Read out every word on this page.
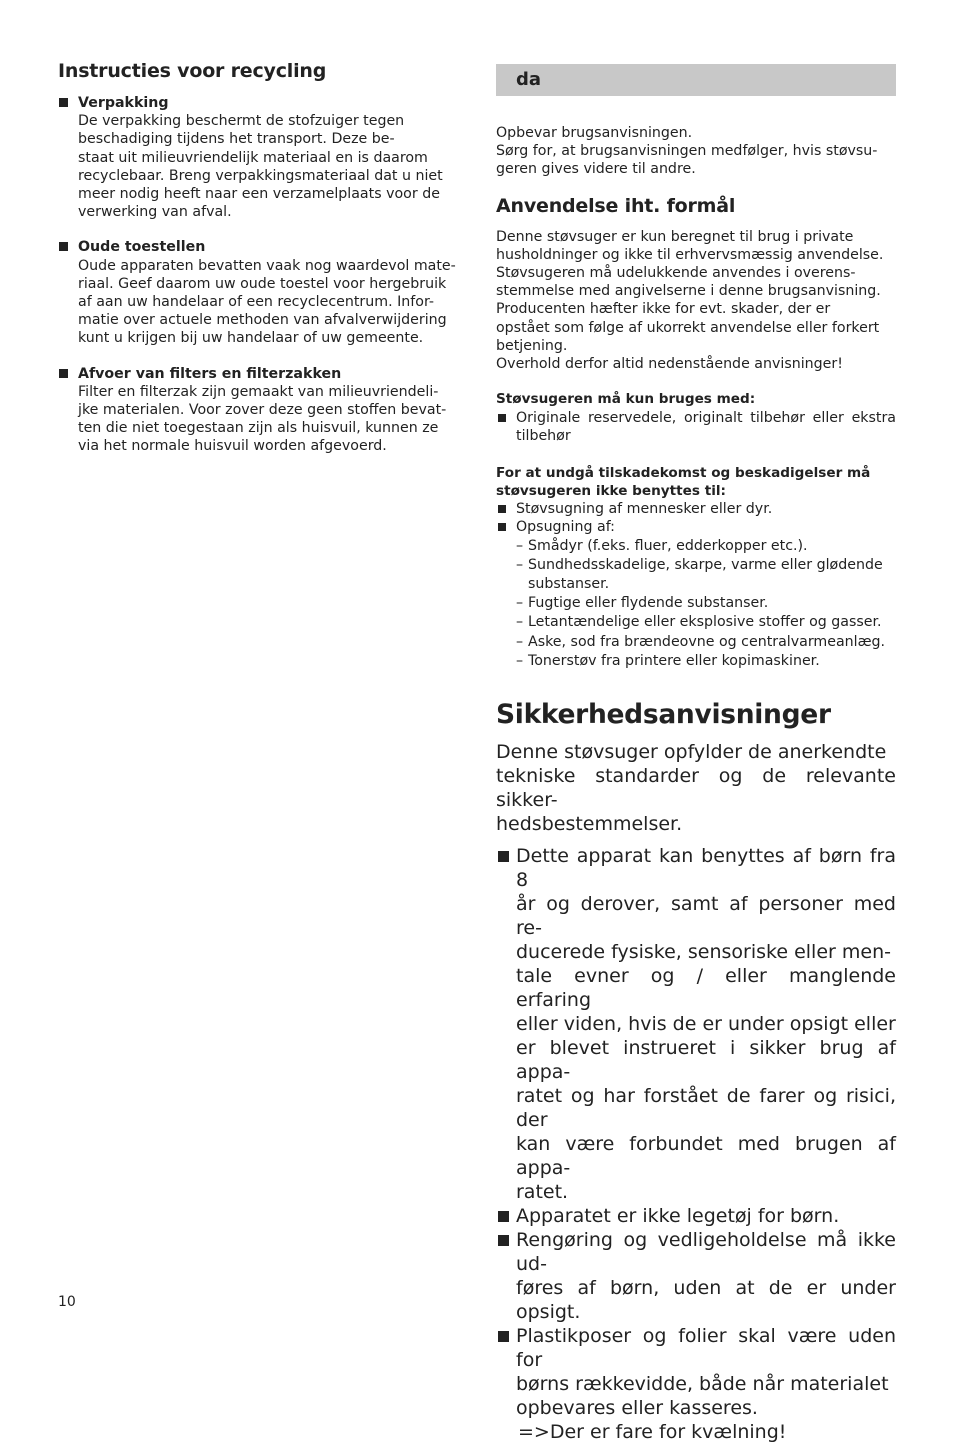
Instructies voor recycling
Verpakking
De verpakking beschermt de stofzuiger tegen
beschadiging tijdens het transport. Deze be-
staat uit milieuvriendelijk materiaal en is daarom
recyclebaar. Breng verpakkingsmateriaal dat u niet
meer nodig heeft naar een verzamelplaats voor de
verwerking van afval.
Oude toestellen
Oude apparaten bevatten vaak nog waardevol mate-
riaal. Geef daarom uw oude toestel voor hergebruik
af aan uw handelaar of een recyclecentrum. Infor-
matie over actuele methoden van afvalverwijdering
kunt u krijgen bij uw handelaar of uw gemeente.
Afvoer van filters en filterzakken
Filter en filterzak zijn gemaakt van milieuvriendeli-
jke materialen. Voor zover deze geen stoffen bevat-
ten die niet toegestaan zijn als huisvuil, kunnen ze
via het normale huisvuil worden afgevoerd.
da
Opbevar brugsanvisningen.
Sørg for, at brugsanvisningen medfølger, hvis støvsu-
geren gives videre til andre.
Anvendelse iht. formål
Denne støvsuger er kun beregnet til brug i private
husholdninger og ikke til erhvervsmæssig anvendelse.
Støvsugeren må udelukkende anvendes i overens-
stemmelse med angivelserne i denne brugsanvisning.
Producenten hæfter ikke for evt. skader, der er
opstået som følge af ukorrekt anvendelse eller forkert
betjening.
Overhold derfor altid nedenstående anvisninger!
Støvsugeren må kun bruges med:
Originale reservedele, originalt tilbehør eller ekstra tilbehør
For at undgå tilskadekomst og beskadigelser må
støvsugeren ikke benyttes til:
Støvsugning af mennesker eller dyr.
Opsugning af:
– Smådyr (f.eks. fluer, edderkopper etc.).
– Sundhedsskadelige, skarpe, varme eller glødende
substanser.
– Fugtige eller flydende substanser.
– Letantændelige eller eksplosive stoffer og gasser.
– Aske, sod fra brændeovne og centralvarmeanlæg.
– Tonerstøv fra printere eller kopimaskiner.
Sikkerhedsanvisninger
Denne støvsuger opfylder de anerkendte
tekniske standarder og de relevante sikker-
hedsbestemmelser.
Dette apparat kan benyttes af børn fra 8
år og derover, samt af personer med re-
ducerede fysiske, sensoriske eller men-
tale evner og / eller manglende erfaring
eller viden, hvis de er under opsigt eller
er blevet instrueret i sikker brug af appa-
ratet og har forstået de farer og risici, der
kan være forbundet med brugen af appa-
ratet.
Apparatet er ikke legetøj for børn.
Rengøring og vedligeholdelse må ikke ud-
føres af børn, uden at de er under opsigt.
Plastikposer og folier skal være uden for
børns rækkevidde, både når materialet
opbevares eller kasseres.
=>Der er fare for kvælning!
10
